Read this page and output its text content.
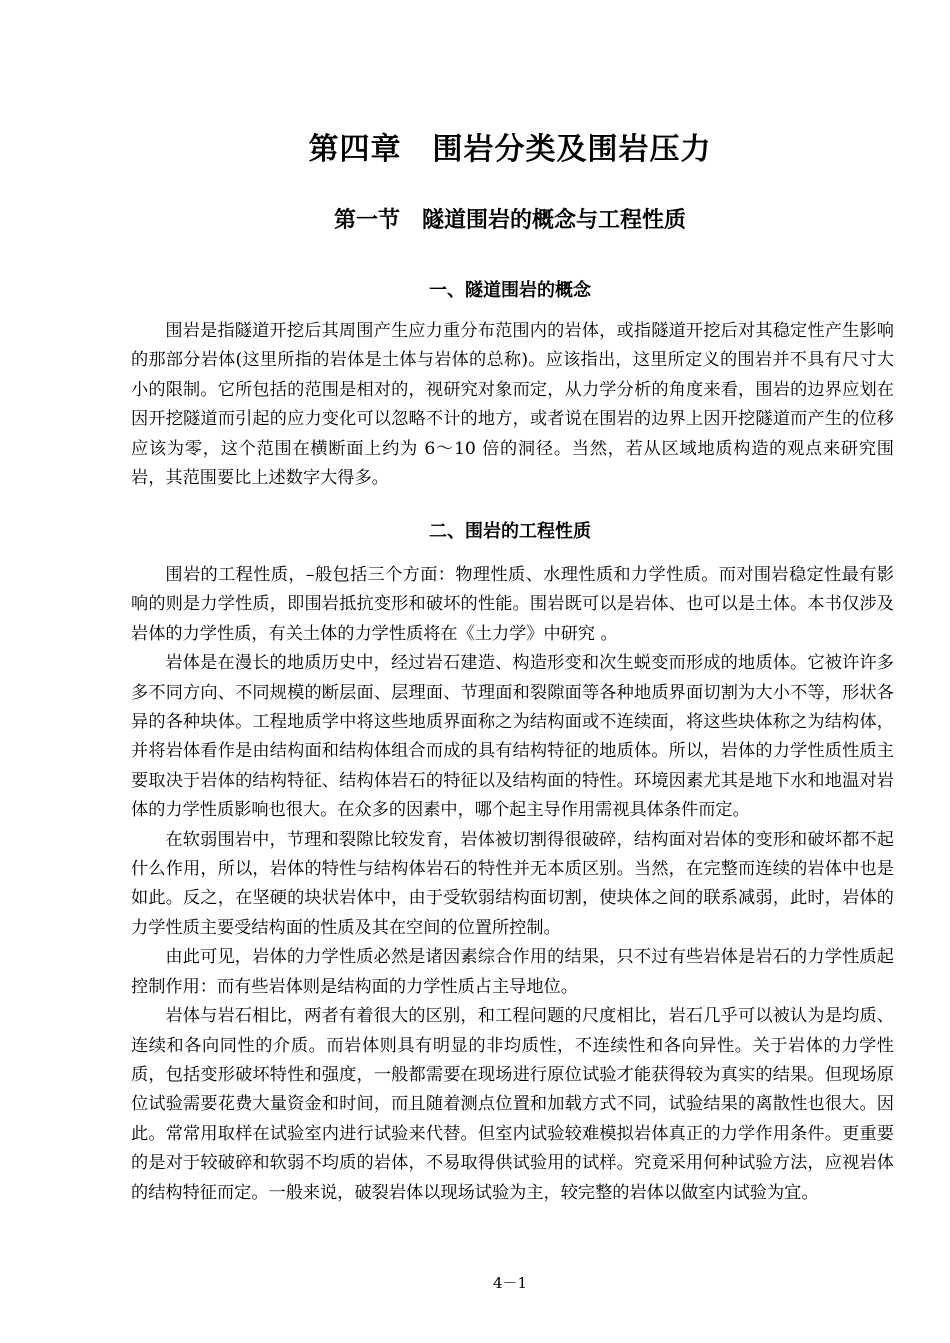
第四章　围岩分类及围岩压力
第一节　隧道围岩的概念与工程性质
一、隧道围岩的概念

围岩是指隧道开挖后其周围产生应力重分布范围内的岩体，或指隧道开挖后对其稳定性产生影响的那部分岩体(这里所指的岩体是土体与岩体的总称)。应该指出，这里所定义的围岩并不具有尺寸大小的限制。它所包括的范围是相对的，视研究对象而定，从力学分析的角度来看，围岩的边界应划在因开挖隧道而引起的应力变化可以忽略不计的地方，或者说在围岩的边界上因开挖隧道而产生的位移应该为零，这个范围在横断面上约为 6～10 倍的洞径。当然，若从区域地质构造的观点来研究围岩，其范围要比上述数字大得多。

二、围岩的工程性质

围岩的工程性质，–般包括三个方面：物理性质、水理性质和力学性质。而对围岩稳定性最有影响的则是力学性质，即围岩抵抗变形和破坏的性能。围岩既可以是岩体、也可以是土体。本书仅涉及岩体的力学性质，有关土体的力学性质将在《土力学》中研究 。

岩体是在漫长的地质历史中，经过岩石建造、构造形变和次生蜕变而形成的地质体。它被许许多多不同方向、不同规模的断层面、层理面、节理面和裂隙面等各种地质界面切割为大小不等，形状各异的各种块体。工程地质学中将这些地质界面称之为结构面或不连续面，将这些块体称之为结构体，并将岩体看作是由结构面和结构体组合而成的具有结构特征的地质体。所以，岩体的力学性质性质主要取决于岩体的结构特征、结构体岩石的特征以及结构面的特性。环境因素尤其是地下水和地温对岩体的力学性质影响也很大。在众多的因素中，哪个起主导作用需视具体条件而定。

在软弱围岩中，节理和裂隙比较发育，岩体被切割得很破碎，结构面对岩体的变形和破坏都不起什么作用，所以，岩体的特性与结构体岩石的特性并无本质区别。当然，在完整而连续的岩体中也是如此。反之，在坚硬的块状岩体中，由于受软弱结构面切割，使块体之间的联系减弱，此时，岩体的力学性质主要受结构面的性质及其在空间的位置所控制。

由此可见，岩体的力学性质必然是诸因素综合作用的结果，只不过有些岩体是岩石的力学性质起控制作用：而有些岩体则是结构面的力学性质占主导地位。

岩体与岩石相比，两者有着很大的区别，和工程问题的尺度相比，岩石几乎可以被认为是均质、连续和各向同性的介质。而岩体则具有明显的非均质性，不连续性和各向异性。关于岩体的力学性质，包括变形破坏特性和强度，一般都需要在现场进行原位试验才能获得较为真实的结果。但现场原位试验需要花费大量资金和时间，而且随着测点位置和加载方式不同，试验结果的离散性也很大。因此。常常用取样在试验室内进行试验来代替。但室内试验较难模拟岩体真正的力学作用条件。更重要的是对于较破碎和软弱不均质的岩体，不易取得供试验用的试样。究竟采用何种试验方法，应视岩体的结构特征而定。一般来说，破裂岩体以现场试验为主，较完整的岩体以做室内试验为宜。

4－1
